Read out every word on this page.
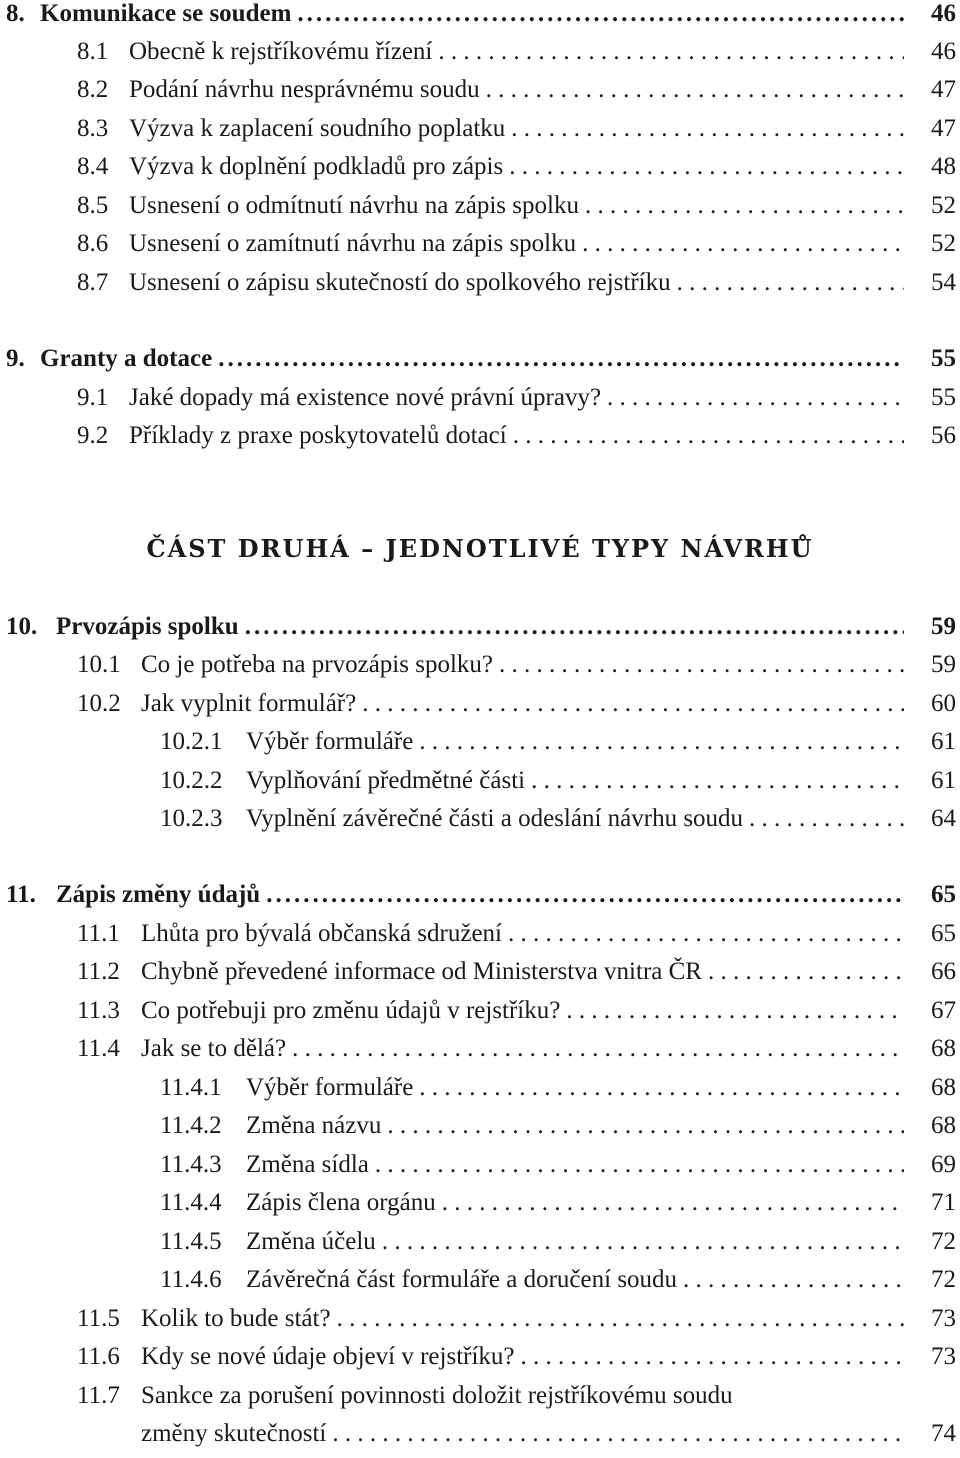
8. Komunikace se soudem .....	46
8.1 Obecně k rejstříkovému řízení . . .	46
8.2 Podání návrhu nesprávnému soudu . . .	47
8.3 Výzva k zaplacení soudního poplatku . . .	47
8.4 Výzva k doplnění podkladů pro zápis . . .	48
8.5 Usnesení o odmítnutí návrhu na zápis spolku . . .	52
8.6 Usnesení o zamítnutí návrhu na zápis spolku . . .	52
8.7 Usnesení o zápisu skutečností do spolkového rejstříku . . .	54
9. Granty a dotace .....	55
9.1 Jaké dopady má existence nové právní úpravy? . . .	55
9.2 Příklady z praxe poskytovatelů dotací . . .	56
ČÁST DRUHÁ – JEDNOTLIVÉ TYPY NÁVRHŮ
10. Prvozápis spolku .....	59
10.1 Co je potřeba na prvozápis spolku? . . .	59
10.2 Jak vyplnit formulář? . . .	60
10.2.1 Výběr formuláře . . .	61
10.2.2 Vyplňování předmětné části . . .	61
10.2.3 Vyplnění závěrečné části a odeslání návrhu soudu . . .	64
11. Zápis změny údajů .....	65
11.1 Lhůta pro bývalá občanská sdružení . . .	65
11.2 Chybně převedené informace od Ministerstva vnitra ČR . . .	66
11.3 Co potřebuji pro změnu údajů v rejstříku? . . .	67
11.4 Jak se to dělá? . . .	68
11.4.1 Výběr formuláře . . .	68
11.4.2 Změna názvu . . .	68
11.4.3 Změna sídla . . .	69
11.4.4 Zápis člena orgánu . . .	71
11.4.5 Změna účelu . . .	72
11.4.6 Závěrečná část formuláře a doručení soudu . . .	72
11.5 Kolik to bude stát? . . .	73
11.6 Kdy se nové údaje objeví v rejstříku? . . .	73
11.7 Sankce za porušení povinnosti doložit rejstříkovému soudu
změny skutečností . . .	74
